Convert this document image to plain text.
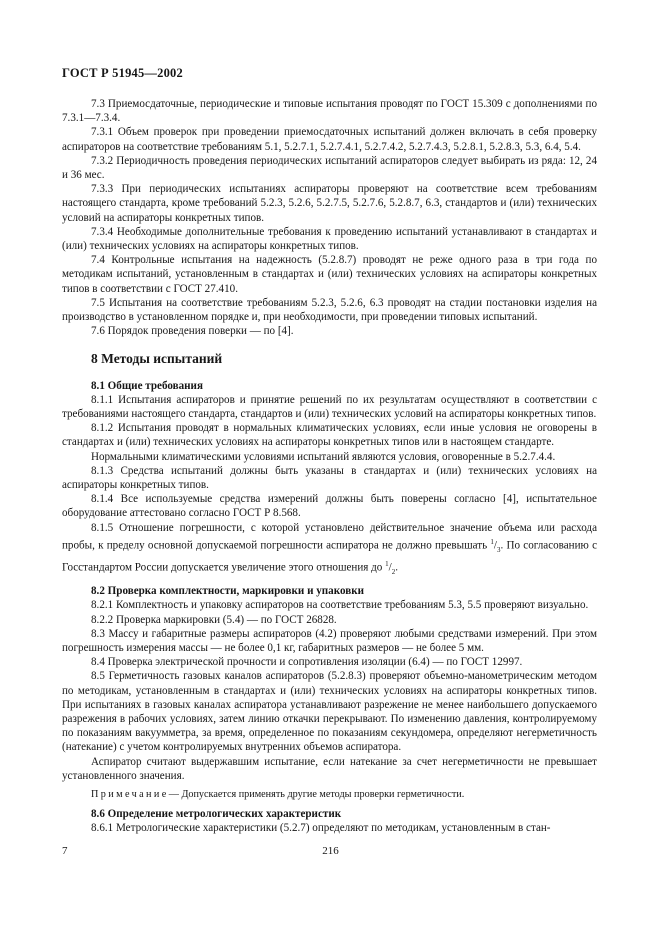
ГОСТ Р 51945—2002

7.3 Приемосдаточные, периодические и типовые испытания проводят по ГОСТ 15.309 с дополнениями по 7.3.1—7.3.4.

7.3.1 Объем проверок при проведении приемосдаточных испытаний должен включать в себя проверку аспираторов на соответствие требованиям 5.1, 5.2.7.1, 5.2.7.4.1, 5.2.7.4.2, 5.2.7.4.3, 5.2.8.1, 5.2.8.3, 5.3, 6.4, 5.4.

7.3.2 Периодичность проведения периодических испытаний аспираторов следует выбирать из ряда: 12, 24 и 36 мес.

7.3.3 При периодических испытаниях аспираторы проверяют на соответствие всем требованиям настоящего стандарта, кроме требований 5.2.3, 5.2.6, 5.2.7.5, 5.2.7.6, 5.2.8.7, 6.3, стандартов и (или) технических условий на аспираторы конкретных типов.

7.3.4 Необходимые дополнительные требования к проведению испытаний устанавливают в стандартах и (или) технических условиях на аспираторы конкретных типов.

7.4 Контрольные испытания на надежность (5.2.8.7) проводят не реже одного раза в три года по методикам испытаний, установленным в стандартах и (или) технических условиях на аспираторы конкретных типов в соответствии с ГОСТ 27.410.

7.5 Испытания на соответствие требованиям 5.2.3, 5.2.6, 6.3 проводят на стадии постановки изделия на производство в установленном порядке и, при необходимости, при проведении типовых испытаний.

7.6 Порядок проведения поверки — по [4].

8 Методы испытаний

8.1 Общие требования

8.1.1 Испытания аспираторов и принятие решений по их результатам осуществляют в соответствии с требованиями настоящего стандарта, стандартов и (или) технических условий на аспираторы конкретных типов.

8.1.2 Испытания проводят в нормальных климатических условиях, если иные условия не оговорены в стандартах и (или) технических условиях на аспираторы конкретных типов или в настоящем стандарте.

Нормальными климатическими условиями испытаний являются условия, оговоренные в 5.2.7.4.4.

8.1.3 Средства испытаний должны быть указаны в стандартах и (или) технических условиях на аспираторы конкретных типов.

8.1.4 Все используемые средства измерений должны быть поверены согласно [4], испытательное оборудование аттестовано согласно ГОСТ Р 8.568.

8.1.5 Отношение погрешности, с которой установлено действительное значение объема или расхода пробы, к пределу основной допускаемой погрешности аспиратора не должно превышать $^1/_3$. По согласованию с Госстандартом России допускается увеличение этого отношения до $^1/_2$.

8.2 Проверка комплектности, маркировки и упаковки

8.2.1 Комплектность и упаковку аспираторов на соответствие требованиям 5.3, 5.5 проверяют визуально.

8.2.2 Проверка маркировки (5.4) — по ГОСТ 26828.

8.3 Массу и габаритные размеры аспираторов (4.2) проверяют любыми средствами измерений. При этом погрешность измерения массы — не более 0,1 кг, габаритных размеров — не более 5 мм.

8.4 Проверка электрической прочности и сопротивления изоляции (6.4) — по ГОСТ 12997.

8.5 Герметичность газовых каналов аспираторов (5.2.8.3) проверяют объемно-манометрическим методом по методикам, установленным в стандартах и (или) технических условиях на аспираторы конкретных типов. При испытаниях в газовых каналах аспиратора устанавливают разрежение не менее наибольшего допускаемого разрежения в рабочих условиях, затем линию откачки перекрывают. По изменению давления, контролируемому по показаниям вакуумметра, за время, определенное по показаниям секундомера, определяют негерметичность (натекание) с учетом контролируемых внутренних объемов аспиратора.

Аспиратор считают выдержавшим испытание, если натекание за счет негерметичности не превышает установленного значения.

Примечание— Допускается применять другие методы проверки герметичности.

8.6 Определение метрологических характеристик

8.6.1 Метрологические характеристики (5.2.7) определяют по методикам, установленным в стан-

7	216
